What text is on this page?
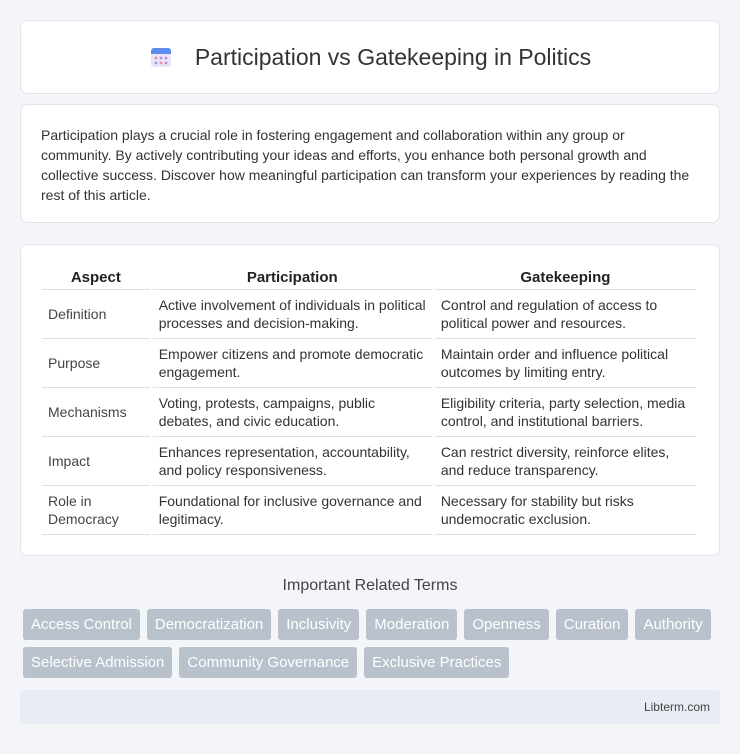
Participation vs Gatekeeping in Politics

Participation plays a crucial role in fostering engagement and collaboration within any group or community. By actively contributing your ideas and efforts, you enhance both personal growth and collective success. Discover how meaningful participation can transform your experiences by reading the rest of this article.

Aspect	Participation	Gatekeeping
Definition	Active involvement of individuals in political processes and decision-making.	Control and regulation of access to political power and resources.
Purpose	Empower citizens and promote democratic engagement.	Maintain order and influence political outcomes by limiting entry.
Mechanisms	Voting, protests, campaigns, public debates, and civic education.	Eligibility criteria, party selection, media control, and institutional barriers.
Impact	Enhances representation, accountability, and policy responsiveness.	Can restrict diversity, reinforce elites, and reduce transparency.
Role in Democracy	Foundational for inclusive governance and legitimacy.	Necessary for stability but risks undemocratic exclusion.
Important Related Terms
Access Control	Democratization	Inclusivity	Moderation	Openness	Curation	Authority
Selective Admission	Community Governance	Exclusive Practices
Libterm.com
